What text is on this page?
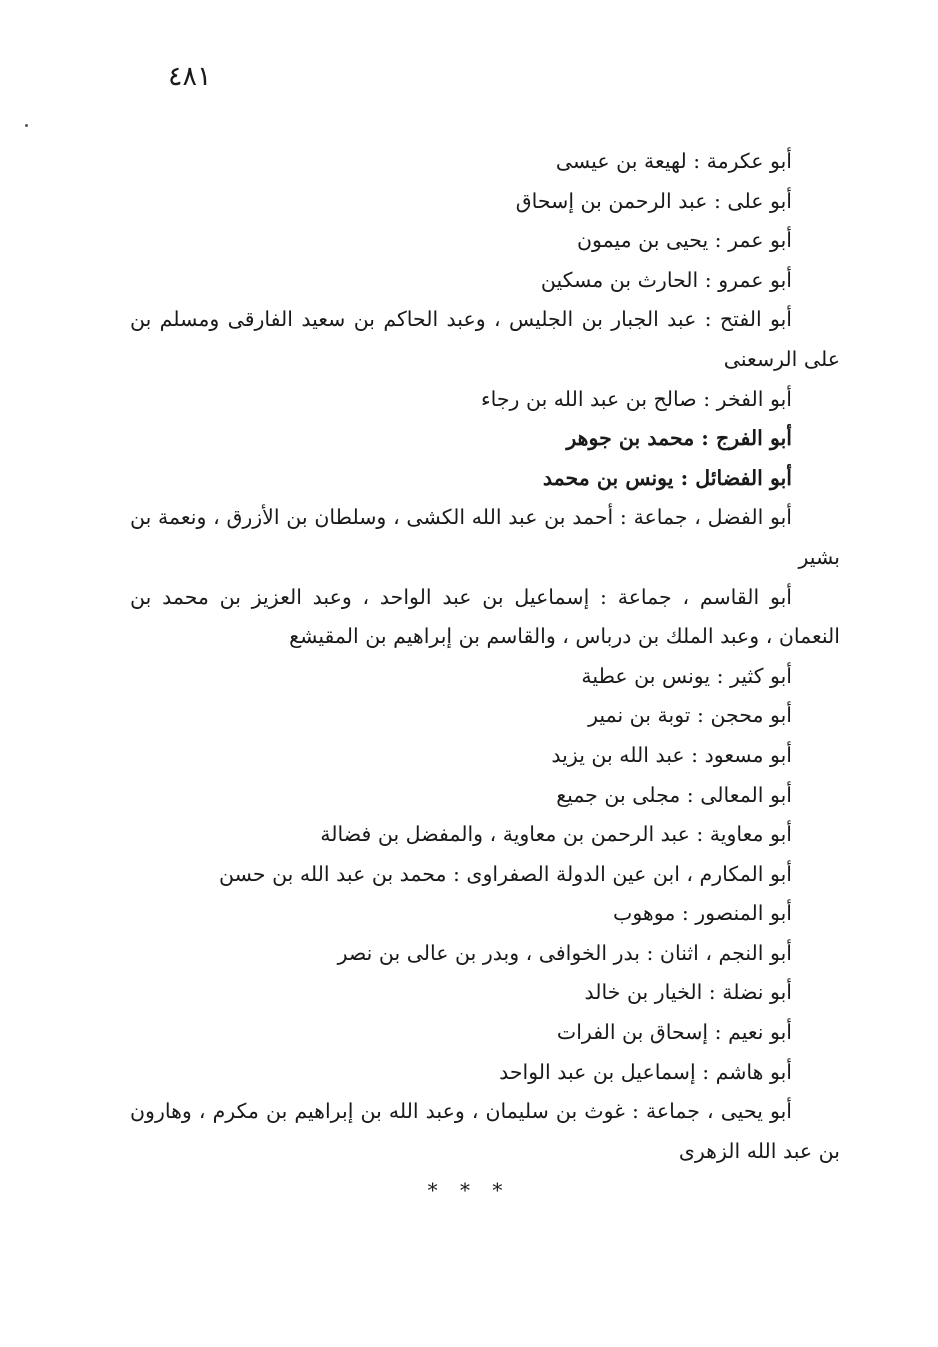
٤٨١

أبو عكرمة : لهيعة بن عيسى

أبو على : عبد الرحمن بن إسحاق

أبو عمر : يحيى بن ميمون

أبو عمرو : الحارث بن مسكين

أبو الفتح : عبد الجبار بن الجليس ، وعبد الحاكم بن سعيد الفارقى ومسلم بن على الرسعنى

أبو الفخر : صالح بن عبد الله بن رجاء

أبو الفرج : محمد بن جوهر

أبو الفضائل : يونس بن محمد

أبو الفضل ، جماعة : أحمد بن عبد الله الكشى ، وسلطان بن الأزرق ، ونعمة بن بشير

أبو القاسم ، جماعة : إسماعيل بن عبد الواحد ، وعبد العزيز بن محمد بن النعمان ، وعبد الملك بن درباس ، والقاسم بن إبراهيم بن المقيشع

أبو كثير : يونس بن عطية

أبو محجن : توبة بن نمير

أبو مسعود : عبد الله بن يزيد

أبو المعالى : مجلى بن جميع

أبو معاوية : عبد الرحمن بن معاوية ، والمفضل بن فضالة

أبو المكارم ، ابن عين الدولة الصفراوى : محمد بن عبد الله بن حسن

أبو المنصور : موهوب

أبو النجم ، اثنان : بدر الخوافى ، وبدر بن عالى بن نصر

أبو نضلة : الخيار بن خالد

أبو نعيم : إسحاق بن الفرات

أبو هاشم : إسماعيل بن عبد الواحد

أبو يحيى ، جماعة : غوث بن سليمان ، وعبد الله بن إبراهيم بن مكرم ، وهارون بن عبد الله الزهرى

* * *
